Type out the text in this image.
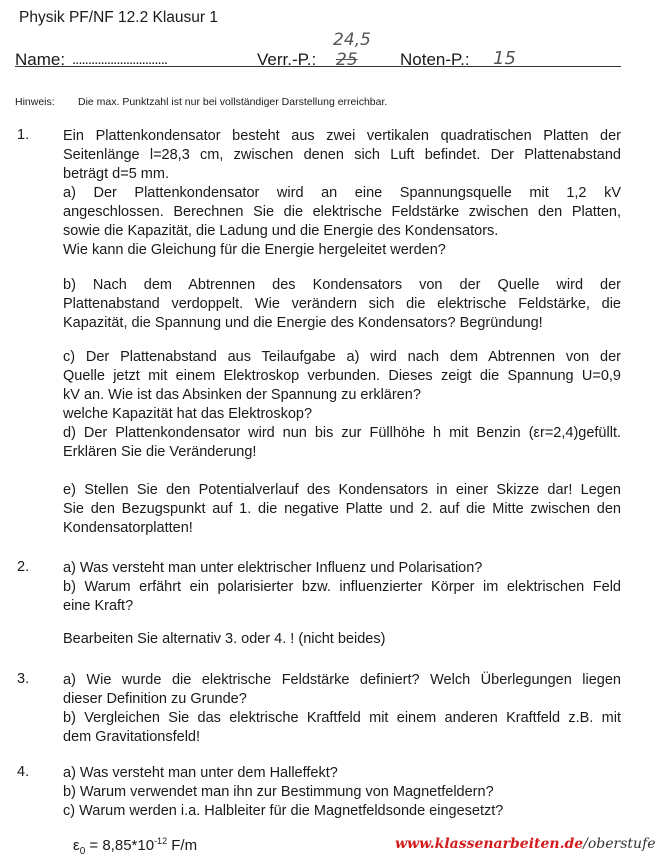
Physik PF/NF 12.2 Klausur 1
Name: ..............................	Verr.-P.:
24,5
25 Noten-P.: 15
Hinweis: Die max. Punktzahl ist nur bei vollständiger Darstellung erreichbar.
1. Ein Plattenkondensator besteht aus zwei vertikalen quadratischen Platten der

Seitenlänge l=28,3 cm, zwischen denen sich Luft befindet. Der Plattenabstand

beträgt d=5 mm.

a) Der Plattenkondensator wird an eine Spannungsquelle mit 1,2 kV

angeschlossen. Berechnen Sie die elektrische Feldstärke zwischen den Platten,

sowie die Kapazität, die Ladung und die Energie des Kondensators.

Wie kann die Gleichung für die Energie hergeleitet werden?

b) Nach dem Abtrennen des Kondensators von der Quelle wird der

Plattenabstand verdoppelt. Wie verändern sich die elektrische Feldstärke, die

Kapazität, die Spannung und die Energie des Kondensators? Begründung!

c) Der Plattenabstand aus Teilaufgabe a) wird nach dem Abtrennen von der

Quelle jetzt mit einem Elektroskop verbunden. Dieses zeigt die Spannung U=0,9

kV an. Wie ist das Absinken der Spannung zu erklären?

welche Kapazität hat das Elektroskop?

d) Der Plattenkondensator wird nun bis zur Füllhöhe h mit Benzin (εr=2,4)gefüllt.

Erklären Sie die Veränderung!

e) Stellen Sie den Potentialverlauf des Kondensators in einer Skizze dar! Legen

Sie den Bezugspunkt auf 1. die negative Platte und 2. auf die Mitte zwischen den

Kondensatorplatten!

2. a) Was versteht man unter elektrischer Influenz und Polarisation?

b) Warum erfährt ein polarisierter bzw. influenzierter Körper im elektrischen Feld

eine Kraft?

Bearbeiten Sie alternativ 3. oder 4. ! (nicht beides)

3. a) Wie wurde die elektrische Feldstärke definiert? Welch Überlegungen liegen

dieser Definition zu Grunde?

b) Vergleichen Sie das elektrische Kraftfeld mit einem anderen Kraftfeld z.B. mit

dem Gravitationsfeld!

4. a) Was versteht man unter dem Halleffekt?

b) Warum verwendet man ihn zur Bestimmung von Magnetfeldern?

c) Warum werden i.a. Halbleiter für die Magnetfeldsonde eingesetzt?

$\varepsilon_0 = 8,85*10^{-12}$ F/m	www.klassenarbeiten.de/oberstufe
